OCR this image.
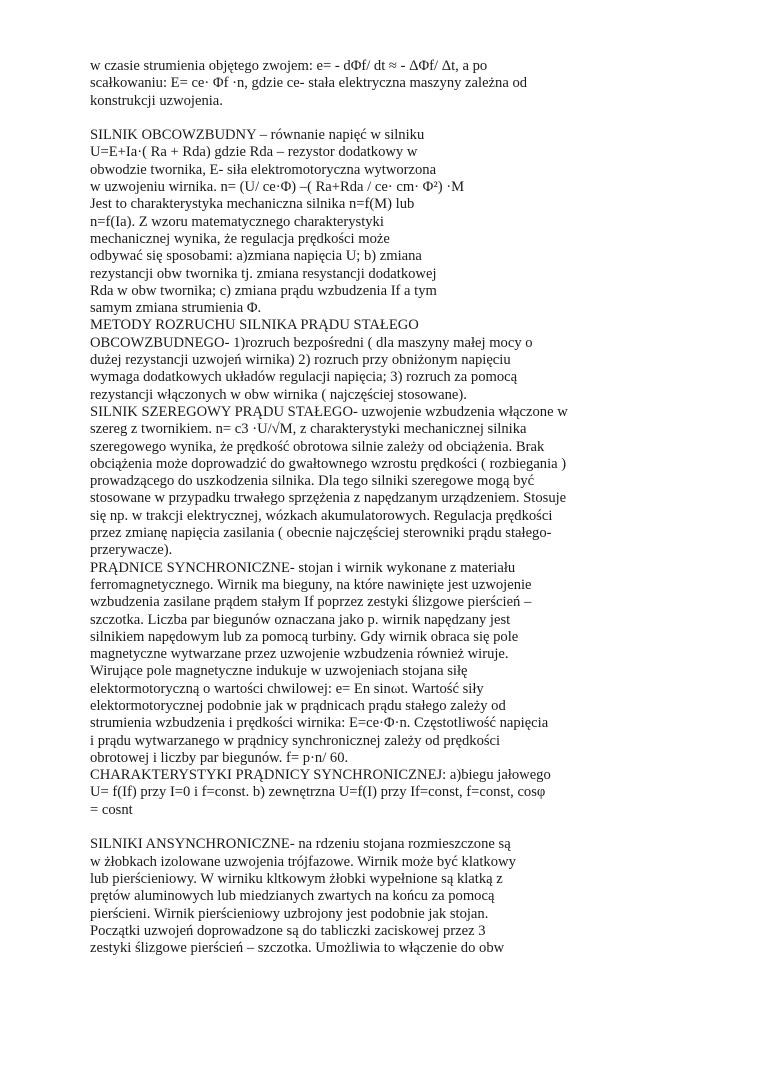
w czasie strumienia objętego zwojem: e= - dΦf/ dt ≈ - ΔΦf/ Δt, a po
scałkowaniu: E= ce· Φf ·n, gdzie ce- stała elektryczna maszyny zależna od
konstrukcji uzwojenia.
SILNIK OBCOWZBUDNY – równanie napięć w silniku
U=E+Ia·( Ra + Rda) gdzie Rda – rezystor dodatkowy w
obwodzie twornika, E- siła elektromotoryczna wytworzona
w uzwojeniu wirnika. n= (U/ ce·Φ) –( Ra+Rda / ce· cm· Φ²) ·M
Jest to charakterystyka mechaniczna silnika n=f(M) lub
n=f(Ia). Z wzoru matematycznego charakterystyki
mechanicznej wynika, że regulacja prędkości może
odbywać się sposobami: a)zmiana napięcia U; b) zmiana
rezystancji obw twornika tj. zmiana resystancji dodatkowej
Rda w obw twornika; c) zmiana prądu wzbudzenia If a tym
samym zmiana strumienia Φ.
METODY ROZRUCHU SILNIKA PRĄDU STAŁEGO
OBCOWZBUDNEGO- 1)rozruch bezpośredni ( dla maszyny małej mocy o
dużej rezystancji uzwojeń wirnika) 2) rozruch przy obniżonym napięciu
wymaga dodatkowych układów regulacji napięcia; 3) rozruch za pomocą
rezystancji włączonych w obw wirnika ( najczęściej stosowane).
SILNIK SZEREGOWY PRĄDU STAŁEGO- uzwojenie wzbudzenia włączone w
szereg z twornikiem. n= c3 ·U/√M, z charakterystyki mechanicznej silnika
szeregowego wynika, że prędkość obrotowa silnie zależy od obciążenia. Brak
obciążenia może doprowadzić do gwałtownego wzrostu prędkości ( rozbiegania )
prowadzącego do uszkodzenia silnika. Dla tego silniki szeregowe mogą być
stosowane w przypadku trwałego sprzężenia z napędzanym urządzeniem. Stosuje
się np. w trakcji elektrycznej, wózkach akumulatorowych. Regulacja prędkości
przez zmianę napięcia zasilania ( obecnie najczęściej sterowniki prądu stałego-
przerywacze).
PRĄDNICE SYNCHRONICZNE- stojan i wirnik wykonane z materiału
ferromagnetycznego. Wirnik ma bieguny, na które nawinięte jest uzwojenie
wzbudzenia zasilane prądem stałym If poprzez zestyki ślizgowe pierścień –
szczotka. Liczba par biegunów oznaczana jako p. wirnik napędzany jest
silnikiem napędowym lub za pomocą turbiny. Gdy wirnik obraca się pole
magnetyczne wytwarzane przez uzwojenie wzbudzenia również wiruje.
Wirujące pole magnetyczne indukuje w uzwojeniach stojana siłę
elektormotoryczną o wartości chwilowej: e= En sinωt. Wartość siły
elektormotorycznej podobnie jak w prądnicach prądu stałego zależy od
strumienia wzbudzenia i prędkości wirnika: E=ce·Φ·n. Częstotliwość napięcia
i prądu wytwarzanego w prądnicy synchronicznej zależy od prędkości
obrotowej i liczby par biegunów. f= p·n/ 60.
CHARAKTERYSTYKI PRĄDNICY SYNCHRONICZNEJ: a)biegu jałowego
U= f(If) przy I=0 i f=const. b) zewnętrzna U=f(I) przy If=const, f=const, cosφ
= cosnt
SILNIKI ANSYNCHRONICZNE- na rdzeniu stojana rozmieszczone są
w żłobkach izolowane uzwojenia trójfazowe. Wirnik może być klatkowy
lub pierścieniowy. W wirniku kltkowym żłobki wypełnione są klatką z
prętów aluminowych lub miedzianych zwartych na końcu za pomocą
pierścieni. Wirnik pierścieniowy uzbrojony jest podobnie jak stojan.
Początki uzwojeń doprowadzone są do tabliczki zaciskowej przez 3
zestyki ślizgowe pierścień – szczotka. Umożliwia to włączenie do obw
